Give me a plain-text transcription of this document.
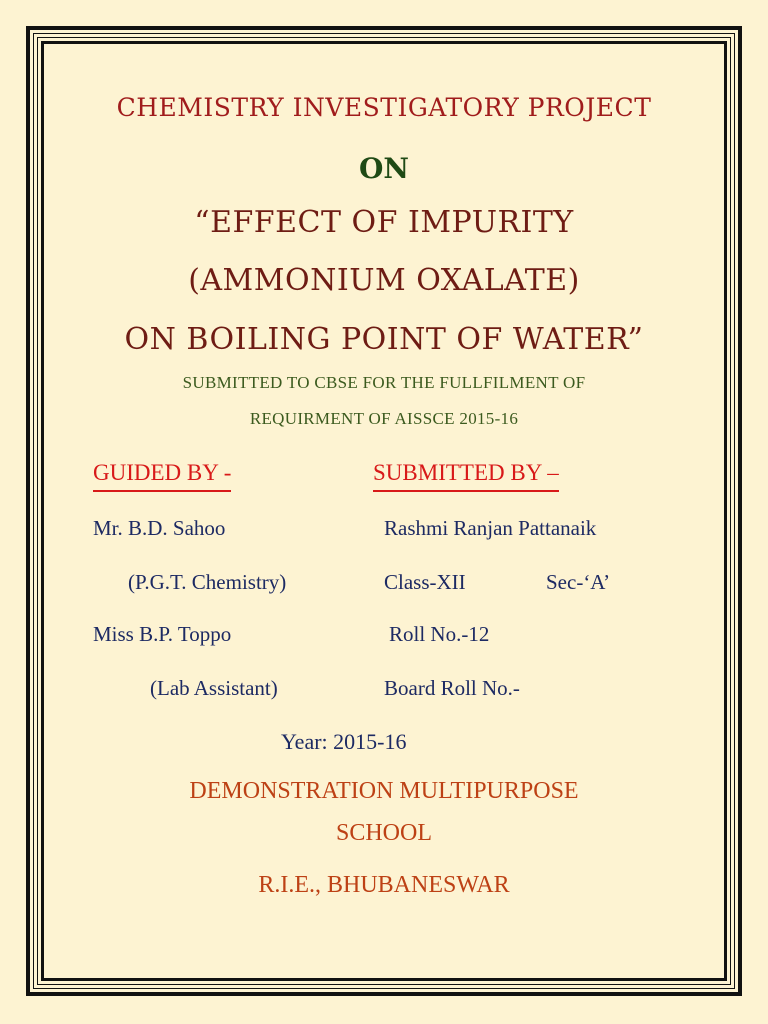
CHEMISTRY INVESTIGATORY PROJECT
ON
“EFFECT OF IMPURITY
(AMMONIUM OXALATE)
ON BOILING POINT OF WATER”
SUBMITTED TO CBSE FOR THE FULLFILMENT OF
REQUIRMENT OF AISSCE 2015-16
GUIDED BY -	SUBMITTED BY –
Mr. B.D. Sahoo	Rashmi Ranjan Pattanaik
(P.G.T. Chemistry)	Class-XII	Sec-‘A’
Miss B.P. Toppo	Roll No.-12
(Lab Assistant)	Board Roll No.-
Year: 2015-16
DEMONSTRATION MULTIPURPOSE
SCHOOL
R.I.E., BHUBANESWAR
